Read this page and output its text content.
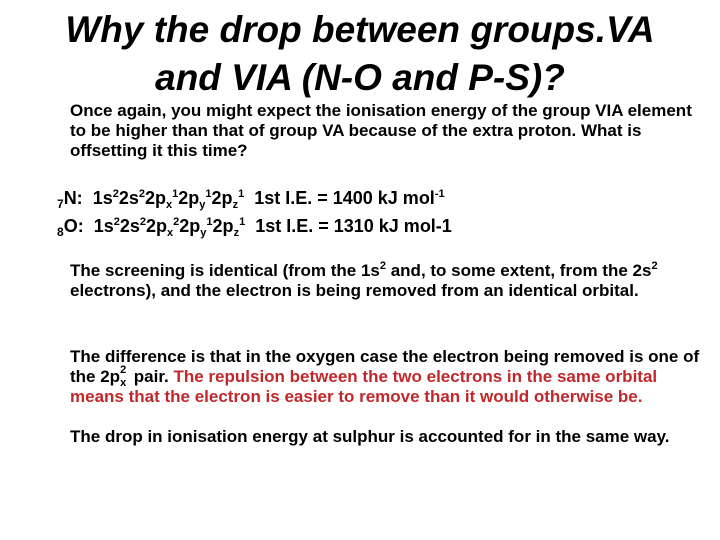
Why the drop between groups.VA
and VIA (N-O and P-S)?
Once again, you might expect the ionisation energy of the group VIA element to be higher than that of group VA because of the extra proton. What is offsetting it this time?
$_7$N: $1s^22s^22p_x^12p_y^12p_z^1$ 1st I.E. = 1400 kJ mol$^{-1}$
$_8$O: $1s^22s^22p_x^22p_y^12p_z^1$ 1st I.E. = 1310 kJ mol-1
The screening is identical (from the $1s^2$ and, to some extent, from the $2s^2$ electrons), and the electron is being removed from an identical orbital.
The difference is that in the oxygen case the electron being removed is one of the 2p 2
x pair. The repulsion between the two electrons in the same orbital means that the electron is easier to remove than it would otherwise be.
The drop in ionisation energy at sulphur is accounted for in the same way.
